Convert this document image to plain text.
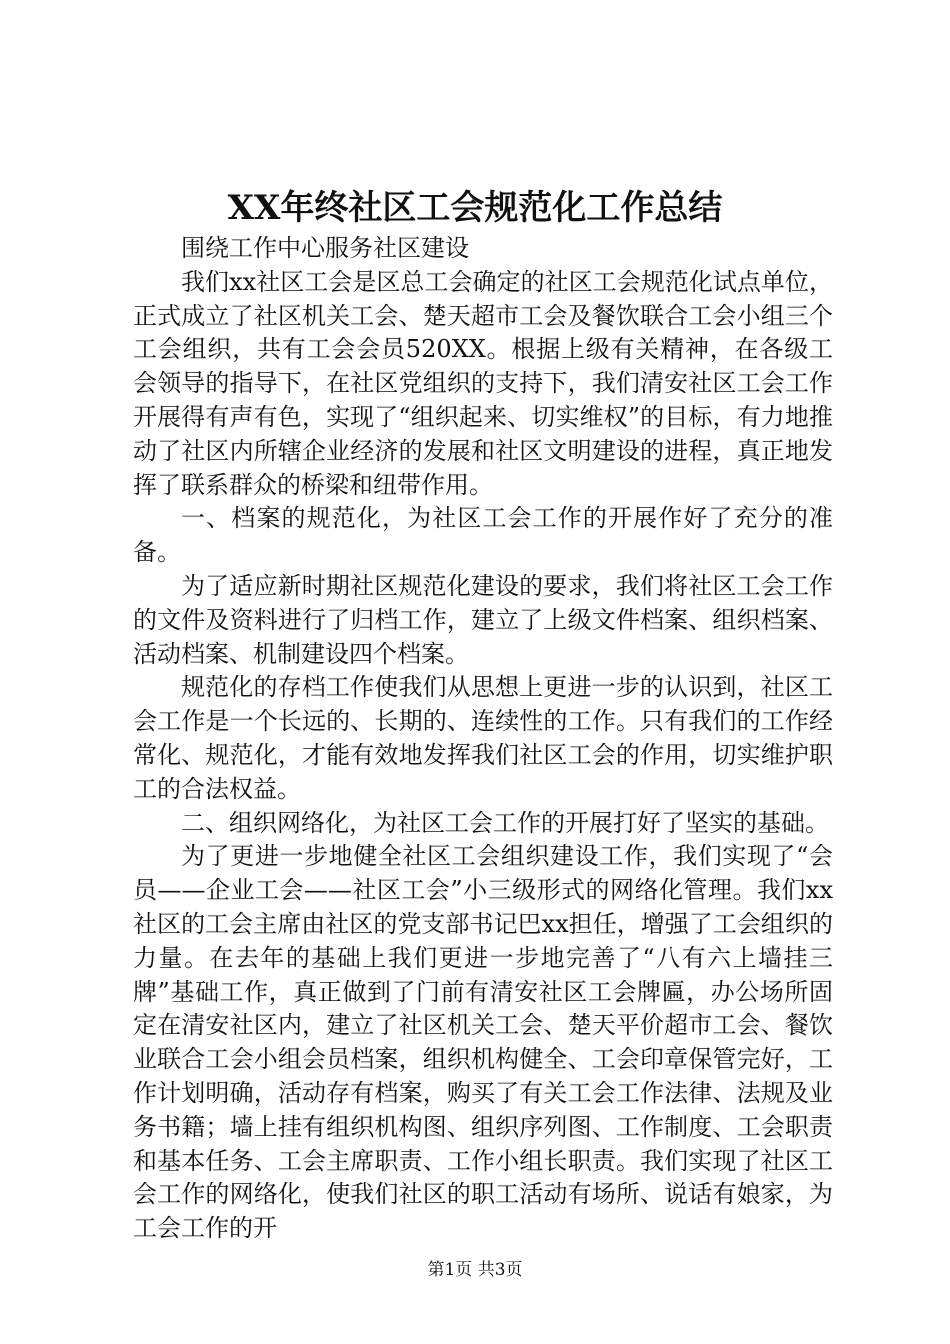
XX年终社区工会规范化工作总结

围绕工作中心服务社区建设

我们xx社区工会是区总工会确定的社区工会规范化试点单位，正式成立了社区机关工会、楚天超市工会及餐饮联合工会小组三个工会组织，共有工会会员520XX。根据上级有关精神，在各级工会领导的指导下，在社区党组织的支持下，我们清安社区工会工作开展得有声有色，实现了“组织起来、切实维权”的目标，有力地推动了社区内所辖企业经济的发展和社区文明建设的进程，真正地发挥了联系群众的桥梁和纽带作用。

一、档案的规范化，为社区工会工作的开展作好了充分的准备。

为了适应新时期社区规范化建设的要求，我们将社区工会工作的文件及资料进行了归档工作，建立了上级文件档案、组织档案、活动档案、机制建设四个档案。

规范化的存档工作使我们从思想上更进一步的认识到，社区工会工作是一个长远的、长期的、连续性的工作。只有我们的工作经常化、规范化，才能有效地发挥我们社区工会的作用，切实维护职工的合法权益。

二、组织网络化，为社区工会工作的开展打好了坚实的基础。

为了更进一步地健全社区工会组织建设工作，我们实现了“会员——企业工会——社区工会”小三级形式的网络化管理。我们xx社区的工会主席由社区的党支部书记巴xx担任，增强了工会组织的力量。在去年的基础上我们更进一步地完善了“八有六上墙挂三牌”基础工作，真正做到了门前有清安社区工会牌匾，办公场所固定在清安社区内，建立了社区机关工会、楚天平价超市工会、餐饮业联合工会小组会员档案，组织机构健全、工会印章保管完好，工作计划明确，活动存有档案，购买了有关工会工作法律、法规及业务书籍；墙上挂有组织机构图、组织序列图、工作制度、工会职责和基本任务、工会主席职责、工作小组长职责。我们实现了社区工会工作的网络化，使我们社区的职工活动有场所、说话有娘家，为工会工作的开

第1页 共3页
